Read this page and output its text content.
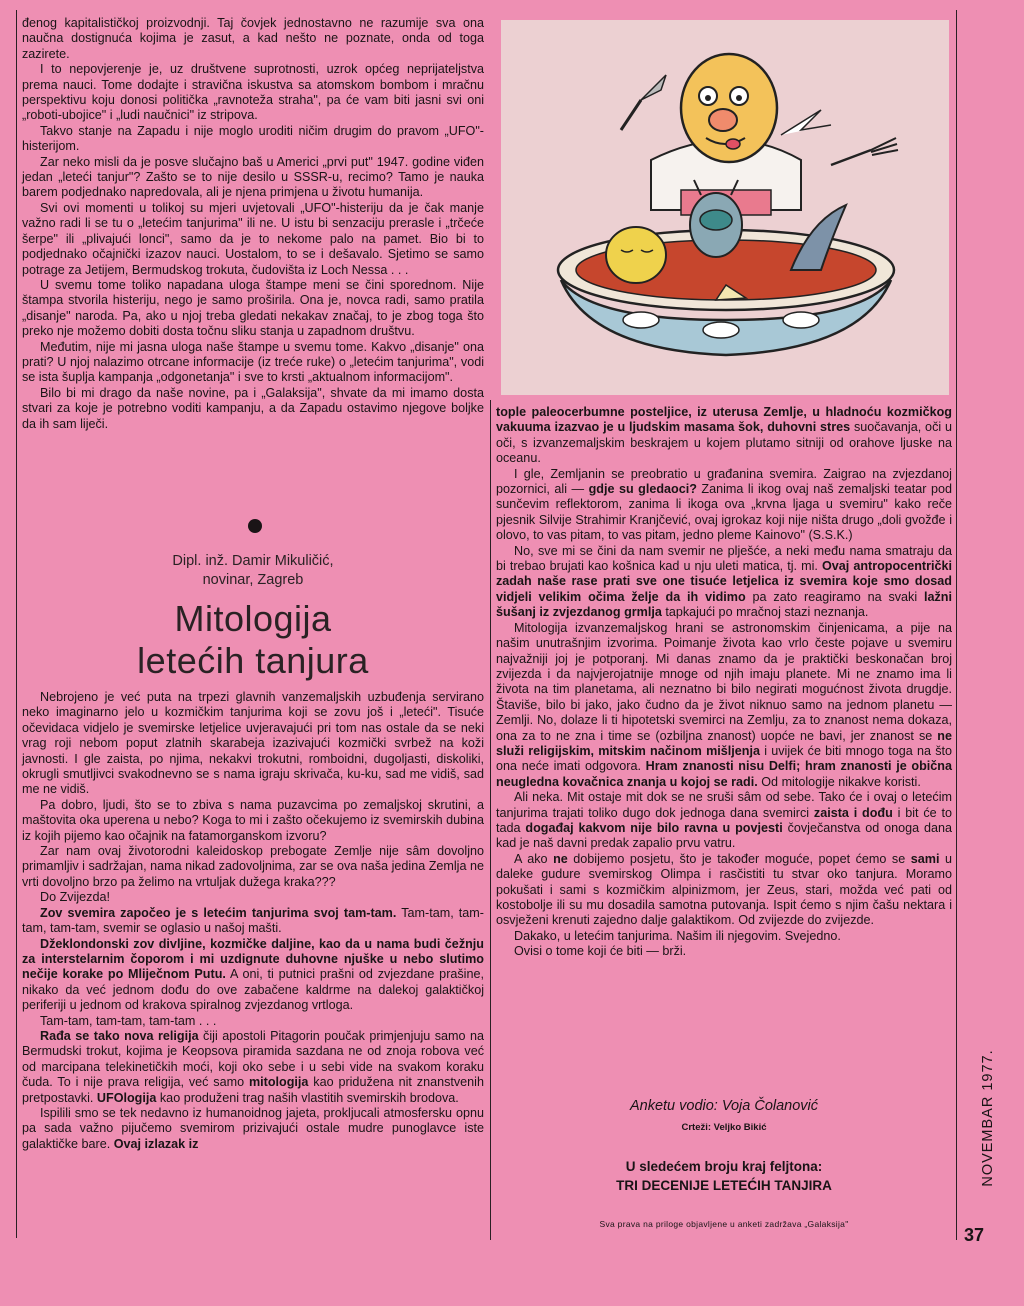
đenog kapitalističkoj proizvodnji. Taj čovjek jednostavno ne razumije sva ona naučna dostignuća kojima je zasut, a kad nešto ne poznate, onda od toga zazirete.

I to nepovjerenje je, uz društvene suprotnosti, uzrok općeg neprijateljstva prema nauci. Tome dodajte i stravična iskustva sa atomskom bombom i mračnu perspektivu koju donosi politička „ravnoteža straha", pa će vam biti jasni svi oni „roboti-ubojice" i „ludi naučnici" iz stripova.

Takvo stanje na Zapadu i nije moglo uroditi ničim drugim do pravom „UFO"-histerijom.

Zar neko misli da je posve slučajno baš u Americi „prvi put" 1947. godine viđen jedan „leteći tanjur"? Zašto se to nije desilo u SSSR-u, recimo? Tamo je nauka barem podjednako napredovala, ali je njena primjena u životu humanija.

Svi ovi momenti u tolikoj su mjeri uvjetovali „UFO"-histeriju da je čak manje važno radi li se tu o „letećim tanjurima" ili ne. U istu bi senzaciju prerasle i „trčeće šerpe" ili „plivajući lonci", samo da je to nekome palo na pamet. Bio bi to podjednako očajnički izazov nauci. Uostalom, to se i dešavalo. Sjetimo se samo potrage za Jetijem, Bermudskog trokuta, čudovišta iz Loch Nessa . . .

U svemu tome toliko napadana uloga štampe meni se čini sporednom. Nije štampa stvorila histeriju, nego je samo proširila. Ona je, novca radi, samo pratila „disanje" naroda. Pa, ako u njoj treba gledati nekakav značaj, to je zbog toga što preko nje možemo dobiti dosta točnu sliku stanja u zapadnom društvu.

Međutim, nije mi jasna uloga naše štampe u svemu tome. Kakvo „disanje" ona prati? U njoj nalazimo otrcane informacije (iz treće ruke) o „letećim tanjurima", vodi se ista šuplja kampanja „odgonetanja" i sve to krsti „aktualnom informacijom".

Bilo bi mi drago da naše novine, pa i „Galaksija", shvate da mi imamo dosta stvari za koje je potrebno voditi kampanju, a da Zapadu ostavimo njegove boljke da ih sam liječi.

Dipl. inž. Damir Mikuličić,
novinar, Zagreb
Mitologija
letećih tanjura

Nebrojeno je već puta na trpezi glavnih vanzemaljskih uzbuđenja servirano neko imaginarno jelo u kozmičkim tanjurima koji se zovu još i „leteći". Tisuće očevidaca vidjelo je svemirske letjelice uvjeravajući pri tom nas ostale da se neki vrag roji nebom poput zlatnih skarabeja izazivajući kozmički svrbež na koži javnosti. I gle zaista, po njima, nekakvi trokutni, romboidni, dugoljasti, diskoliki, okrugli smutljivci svakodnevno se s nama igraju skrivača, ku-ku, sad me vidiš, sad me ne vidiš.

Pa dobro, ljudi, što se to zbiva s nama puzavcima po zemaljskoj skrutini, a maštovita oka uperena u nebo? Koga to mi i zašto očekujemo iz svemirskih dubina iz kojih pijemo kao očajnik na fatamorganskom izvoru?

Zar nam ovaj životorodni kaleidoskop prebogate Zemlje nije sâm dovoljno primamljiv i sadržajan, nama nikad zadovoljnima, zar se ova naša jedina Zemlja ne vrti dovoljno brzo pa želimo na vrtuljak dužega kraka???

Do Zvijezda!

Zov svemira započeo je s letećim tanjurima svoj tam-tam. Tam-tam, tam-tam, tam-tam, svemir se oglasio u našoj mašti.

Džeklondonski zov divljine, kozmičke daljine, kao da u nama budi čežnju za interstelarnim čoporom i mi uzdignute duhovne njuške u nebo slutimo nečije korake po Mliječnom Putu. A oni, ti putnici prašni od zvjezdane prašine, nikako da već jednom dođu do ove zabačene kaldrme na dalekoj galaktičkoj periferiji u jednom od krakova spiralnog zvjezdanog vrtloga.

Tam-tam, tam-tam, tam-tam . . .

Rađa se tako nova religija čiji apostoli Pitagorin poučak primjenjuju samo na Bermudski trokut, kojima je Keopsova piramida sazdana ne od znoja robova već od marcipana telekinetičkih moći, koji oko sebe i u sebi vide na svakom koraku čuda. To i nije prava religija, već samo mitologija kao pridužena nit znanstvenih pretpostavki. UFOlogija kao produženi trag naših vlastitih svemirskih brodova.

Ispilili smo se tek nedavno iz humanoidnog jajeta, prokljucali atmosfersku opnu pa sada važno pijučemo svemirom prizivajući ostale mudre punoglavce iste galaktičke bare. Ovaj izlazak iz

tople paleocerbumne posteljice, iz uterusa Zemlje, u hladnoću kozmičkog vakuuma izazvao je u ljudskim masama šok, duhovni stres suočavanja, oči u oči, s izvanzemaljskim beskrajem u kojem plutamo sitniji od orahove ljuske na oceanu.

I gle, Zemljanin se preobratio u građanina svemira. Zaigrao na zvjezdanoj pozornici, ali — gdje su gledaoci? Zanima li ikog ovaj naš zemaljski teatar pod sunčevim reflektorom, zanima li ikoga ova „krvna ljaga u svemiru" kako reče pjesnik Silvije Strahimir Kranjčević, ovaj igrokaz koji nije ništa drugo „doli gvožđe i olovo, to vas pitam, to vas pitam, jedno pleme Kainovo" (S.S.K.)

No, sve mi se čini da nam svemir ne plješće, a neki među nama smatraju da bi trebao brujati kao košnica kad u nju uleti matica, tj. mi. Ovaj antropocentrički zadah naše rase prati sve one tisuće letjelica iz svemira koje smo dosad vidjeli velikim očima želje da ih vidimo pa zato reagiramo na svaki lažni šušanj iz zvjezdanog grmlja tapkajući po mračnoj stazi neznanja.

Mitologija izvanzemaljskog hrani se astronomskim činjenicama, a pije na našim unutrašnjim izvorima. Poimanje života kao vrlo česte pojave u svemiru najvažniji joj je potporanj. Mi danas znamo da je praktički beskonačan broj zvijezda i da najvjerojatnije mnoge od njih imaju planete. Mi ne znamo ima li života na tim planetama, ali neznatno bi bilo negirati mogućnost života drugdje. Štaviše, bilo bi jako, jako čudno da je život niknuo samo na jednom planetu — Zemlji. No, dolaze li ti hipotetski svemirci na Zemlju, za to znanost nema dokaza, ona za to ne zna i time se (ozbiljna znanost) uopće ne bavi, jer znanost se ne služi religijskim, mitskim načinom mišljenja i uvijek će biti mnogo toga na što ona neće imati odgovora. Hram znanosti nisu Delfi; hram znanosti je obična neuglednа kovačnica znanja u kojoj se radi. Od mitologije nikakve koristi.

Ali neka. Mit ostaje mit dok se ne sruši sâm od sebe. Tako će i ovaj o letećim tanjurima trajati toliko dugo dok jednoga dana svemirci zaista i dođu i bit će to tada događaj kakvom nije bilo ravna u povjesti čovječanstva od onoga dana kad je naš davni predak zapalio prvu vatru.

A ako ne dobijemo posjetu, što je također moguće, popet ćemo se sami u daleke gudure svemirskog Olimpa i rasčistiti tu stvar oko tanjura. Moramo pokušati i sami s kozmičkim alpinizmom, jer Zeus, stari, možda već pati od kostobolje ili su mu dosadila samotna putovanja. Ispit ćemo s njim čašu nektara i osvježeni krenuti zajedno dalje galaktikom. Od zvijezde do zvijezde.

Dakako, u letećim tanjurima. Našim ili njegovim. Svejedno.

Ovisi o tome koji će biti — brži.

Anketu vodio: Voja Čolanović

Crteži: Veljko Bikić

U sledećem broju kraj feljtona:

TRI DECENIJE LETEĆIH TANJIRA

Sva prava na priloge objavljene u anketi zadržava „Galaksija"

NOVEMBAR 1977.
37
